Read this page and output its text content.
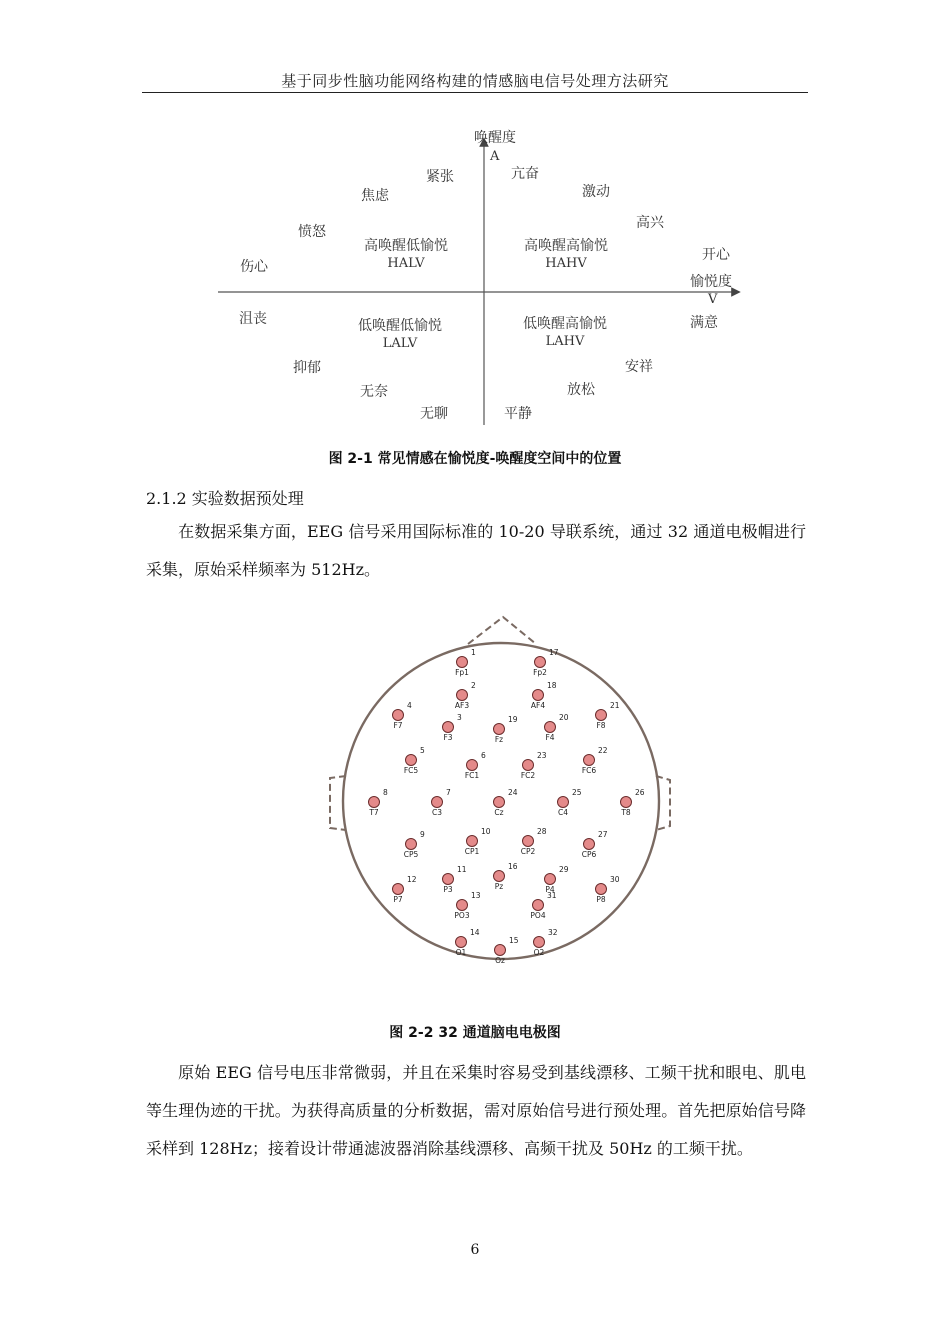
基于同步性脑功能网络构建的情感脑电信号处理方法研究
唤醒度
A
愉悦度
V
高唤醒低愉悦
HALV
高唤醒高愉悦
HAHV
低唤醒低愉悦
LALV
低唤醒高愉悦
LAHV
紧张	亢奋
焦虑	激动
高兴
愤怒
开心
伤心
沮丧	满意
抑郁	安祥
无奈	放松
无聊	平静
图 2-1 常见情感在愉悦度-唤醒度空间中的位置
2.1.2 实验数据预处理
在数据采集方面，EEG 信号采用国际标准的 10-20 导联系统，通过 32 通道电极帽进行采集，原始采样频率为 512Hz。
1
Fp1
17
Fp2
2
AF3
18
AF4
4
F7
3
F3
19
Fz
20
F4
21
F8
5
FC5
6
FC1
23
FC2
22
FC6
8
T7
7
C3
24
Cz
25
C4
26
T8
9
CP5
10
CP1
28
CP2
27
CP6
12
P7
11
P3
16
Pz
29
P4
30
P8
13
PO3
31
PO4
14
O1
15
Oz
32
O2
图 2-2 32 通道脑电电极图
原始 EEG 信号电压非常微弱，并且在采集时容易受到基线漂移、工频干扰和眼电、肌电等生理伪迹的干扰。为获得高质量的分析数据，需对原始信号进行预处理。首先把原始信号降采样到 128Hz；接着设计带通滤波器消除基线漂移、高频干扰及 50Hz 的工频干扰。
6
